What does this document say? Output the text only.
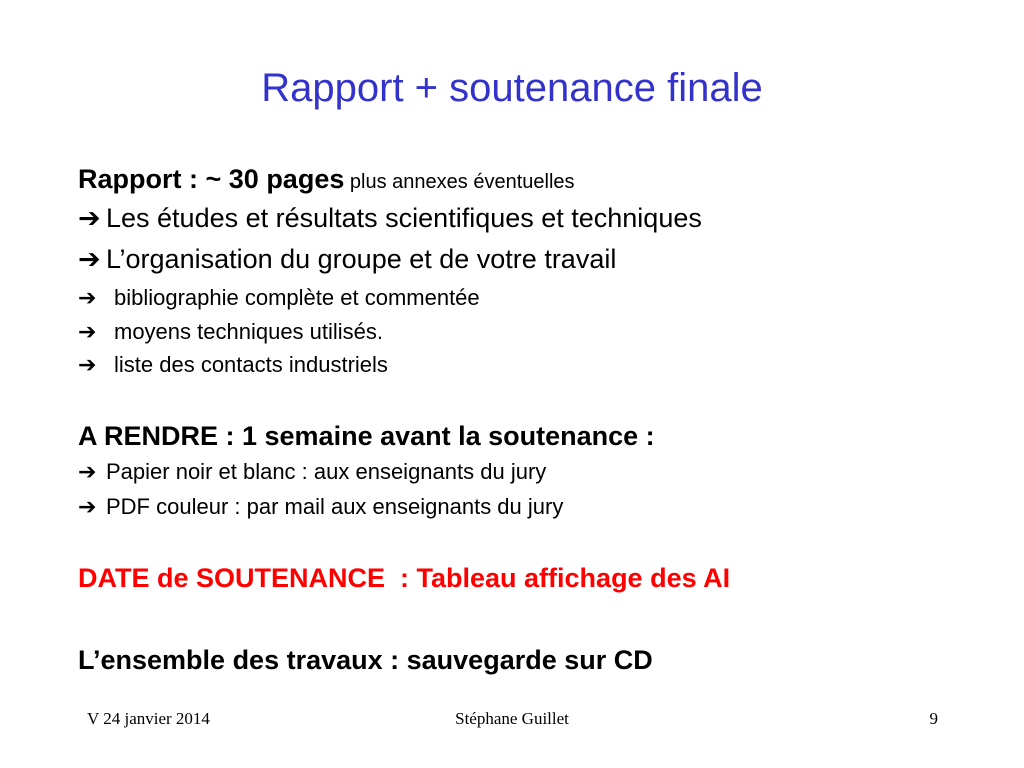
Rapport + soutenance finale
Rapport : ~ 30 pages plus annexes éventuelles
➔ Les études et résultats scientifiques et techniques
➔ L’organisation du groupe et de votre travail
➔ bibliographie complète et commentée
➔ moyens techniques utilisés.
➔ liste des contacts industriels
A RENDRE : 1 semaine avant la soutenance :
➔ Papier noir et blanc : aux enseignants du jury
➔ PDF couleur : par mail aux enseignants du jury
DATE de SOUTENANCE  : Tableau affichage des AI
L’ensemble des travaux : sauvegarde sur CD
V 24 janvier 2014	Stéphane Guillet	9
